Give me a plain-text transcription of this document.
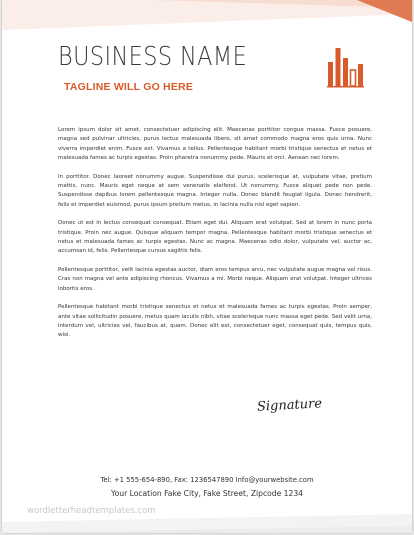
BUSINESS NAME
TAGLINE WILL GO HERE

Lorem ipsum dolor sit amet, consectetuer adipiscing elit. Maecenas porttitor congue massa. Fusce posuere, magna sed pulvinar ultricies, purus lectus malesuada libero, sit amet commodo magna eros quis urna. Nunc viverra imperdiet enim. Fusce est. Vivamus a tellus. Pellentesque habitant morbi tristique senectus et netus et malesuada fames ac turpis egestas. Proin pharetra nonummy pede. Mauris et orci. Aenean nec lorem.

In porttitor. Donec laoreet nonummy augue. Suspendisse dui purus, scelerisque at, vulputate vitae, pretium mattis, nunc. Mauris eget neque at sem venenatis eleifend. Ut nonummy. Fusce aliquet pede non pede. Suspendisse dapibus lorem pellentesque magna. Integer nulla. Donec blandit feugiat ligula. Donec hendrerit, felis et imperdiet euismod, purus ipsum pretium metus, in lacinia nulla nisl eget sapien.

Donec ut est in lectus consequat consequat. Etiam eget dui. Aliquam erat volutpat. Sed at lorem in nunc porta tristique. Proin nec augue. Quisque aliquam tempor magna. Pellentesque habitant morbi tristique senectus et netus et malesuada fames ac turpis egestas. Nunc ac magna. Maecenas odio dolor, vulputate vel, auctor ac, accumsan id, felis. Pellentesque cursus sagittis felis.

Pellentesque porttitor, velit lacinia egestas auctor, diam eros tempus arcu, nec vulputate augue magna vel risus. Cras non magna vel ante adipiscing rhoncus. Vivamus a mi. Morbi neque. Aliquam erat volutpat. Integer ultrices lobortis eros.

Pellentesque habitant morbi tristique senectus et netus et malesuada fames ac turpis egestas. Proin semper, ante vitae sollicitudin posuere, metus quam iaculis nibh, vitae scelerisque nunc massa eget pede. Sed velit urna, interdum vel, ultricies vel, faucibus at, quam. Donec elit est, consectetuer eget, consequat quis, tempus quis, wisi.

Signature
Tel: +1 555-654-890, Fax: 1236547890 Info@yourwebsite.com
Your Location Fake City, Fake Street, Zipcode 1234
wordletterheadtemplates.com
